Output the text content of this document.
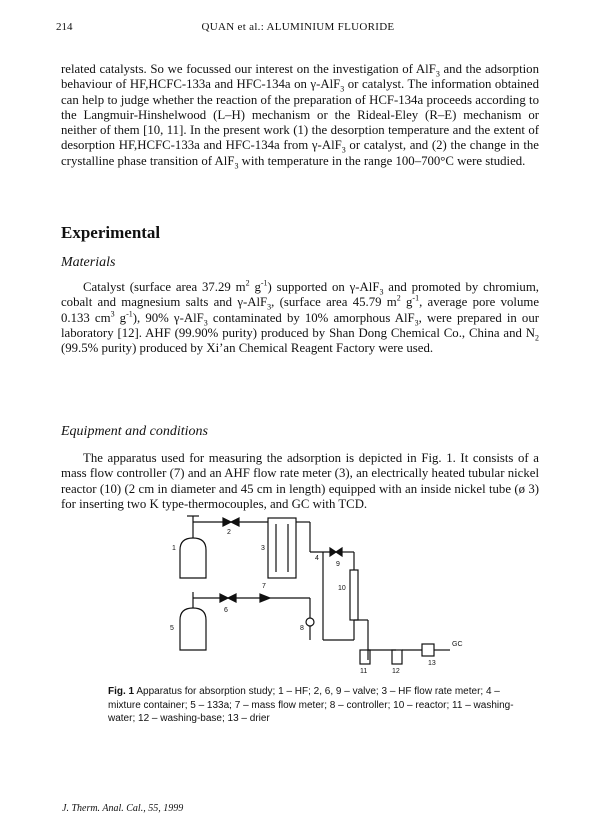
214	QUAN et al.: ALUMINIUM FLUORIDE
related catalysts. So we focussed our interest on the investigation of AlF$_3$ and the adsorption behaviour of HF,HCFC-133a and HFC-134a on γ-AlF$_3$ or catalyst. The information obtained can help to judge whether the reaction of the preparation of HCF-134a proceeds according to the Langmuir-Hinshelwood (L–H) mechanism or the Rideal-Eley (R–E) mechanism or neither of them [10, 11]. In the present work (1) the desorption temperature and the extent of desorption HF,HCFC-133a and HFC-134a from γ-AlF$_3$ or catalyst, and (2) the change in the crystalline phase transition of AlF$_3$ with temperature in the range 100–700°C were studied.
Experimental
Materials
Catalyst (surface area 37.29 $m^2$ $g^{-1}$) supported on γ-AlF$_3$ and promoted by chromium, cobalt and magnesium salts and γ-AlF$_3$, (surface area 45.79 $m^2$ $g^{-1}$, average pore volume 0.133 $cm^3$ $g^{-1}$), 90% γ-AlF$_3$ contaminated by 10% amorphous AlF$_3$, were prepared in our laboratory [12]. AHF (99.90% purity) produced by Shan Dong Chemical Co., China and $N_2$ (99.5% purity) produced by Xi’an Chemical Reagent Factory were used.
Equipment and conditions
The apparatus used for measuring the adsorption is depicted in Fig. 1. It consists of a mass flow controller (7) and an AHF flow rate meter (3), an electrically heated tubular nickel reactor (10) (2 cm in diameter and 45 cm in length) equipped with an inside nickel tube (ø 3) for inserting two K type-thermocouples, and GC with TCD.
1
2
3
4
5
6
7
8
9
10
11	12
13
GC
Fig. 1 Apparatus for absorption study; 1 – HF; 2, 6, 9 – valve; 3 – HF flow rate meter; 4 – mixture container; 5 – 133a; 7 – mass flow meter; 8 – controller; 10 – reactor; 11 – washing-water; 12 – washing-base; 13 – drier
J. Therm. Anal. Cal., 55, 1999
